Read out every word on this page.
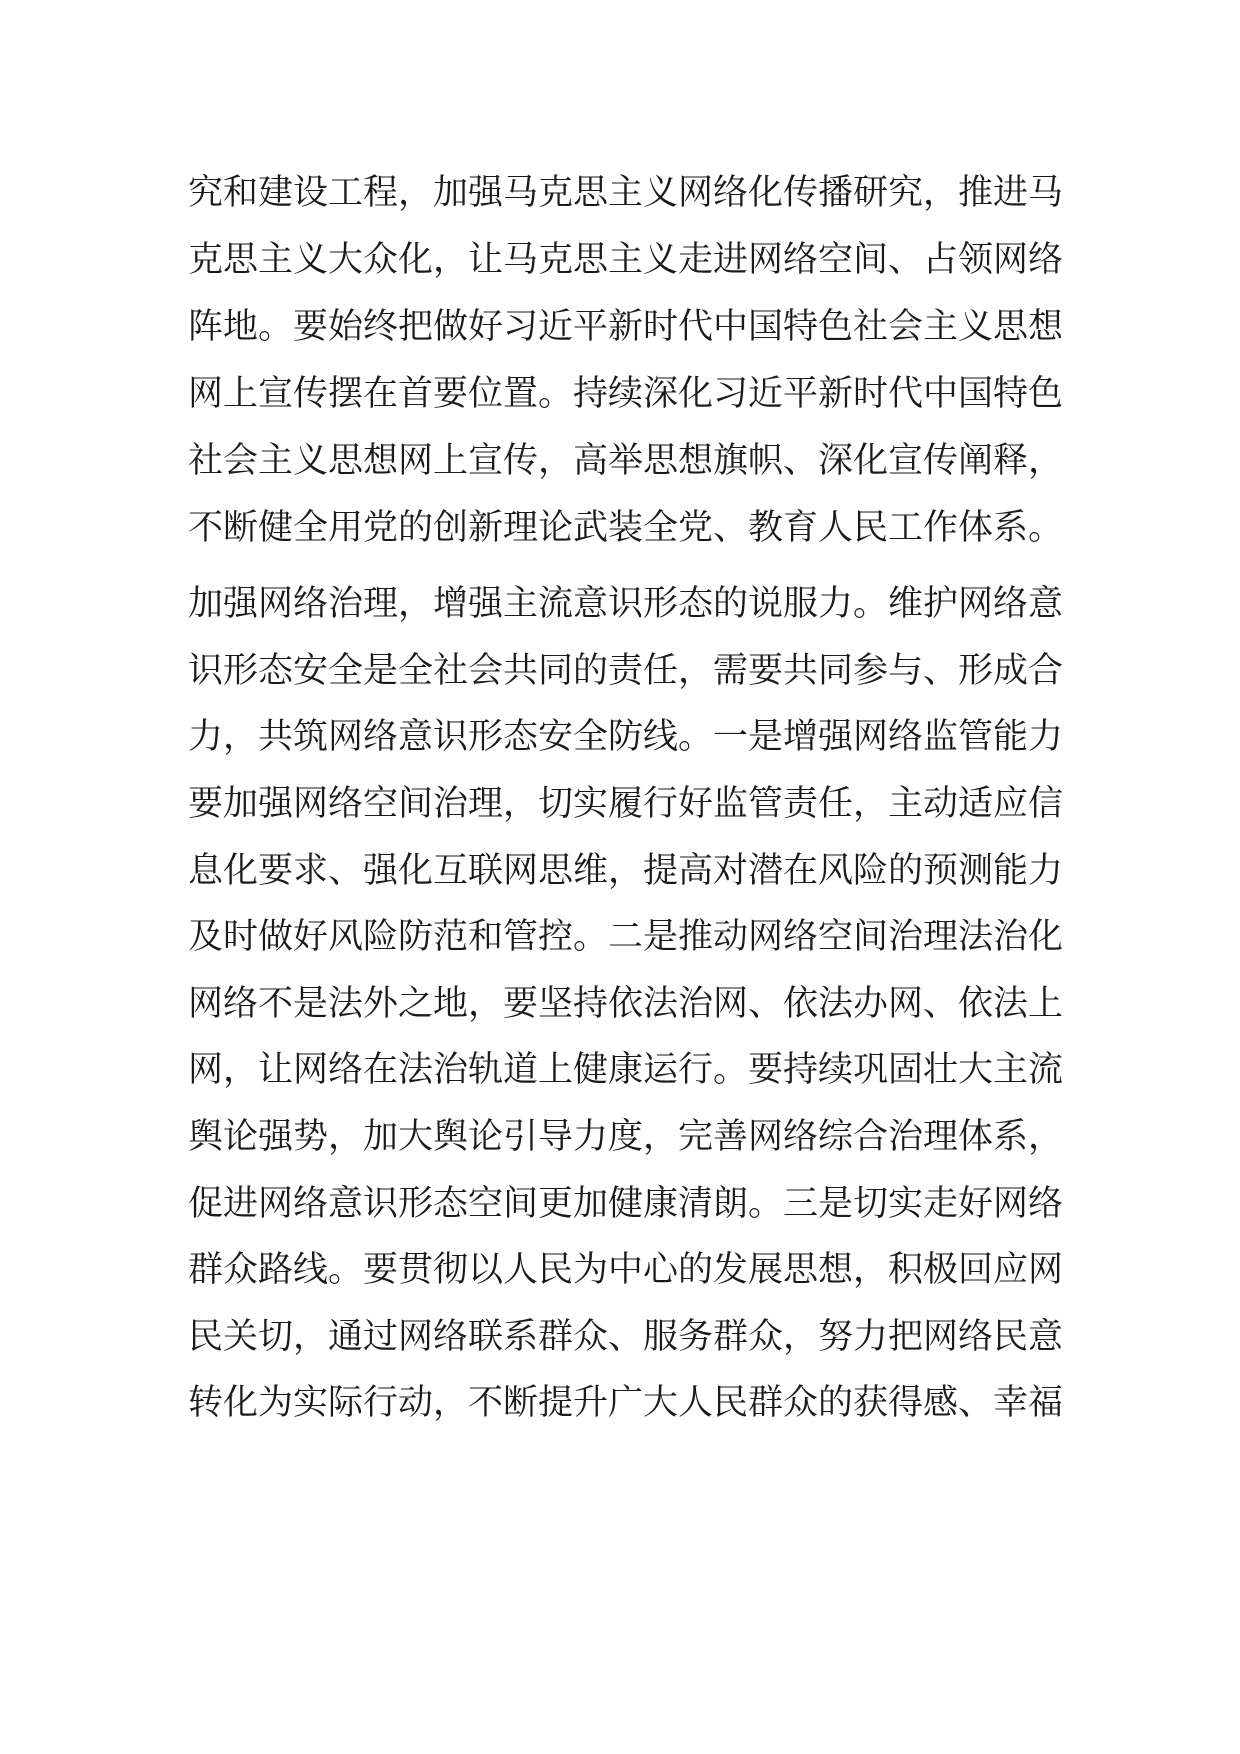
究和建设工程，加强马克思主义网络化传播研究，推进马
克思主义大众化，让马克思主义走进网络空间、占领网络
阵地。要始终把做好习近平新时代中国特色社会主义思想
网上宣传摆在首要位置。持续深化习近平新时代中国特色
社会主义思想网上宣传，高举思想旗帜、深化宣传阐释，
不断健全用党的创新理论武装全党、教育人民工作体系。
加强网络治理，增强主流意识形态的说服力。维护网络意
识形态安全是全社会共同的责任，需要共同参与、形成合
力，共筑网络意识形态安全防线。一是增强网络监管能力
要加强网络空间治理，切实履行好监管责任，主动适应信
息化要求、强化互联网思维，提高对潜在风险的预测能力
及时做好风险防范和管控。二是推动网络空间治理法治化
网络不是法外之地，要坚持依法治网、依法办网、依法上
网，让网络在法治轨道上健康运行。要持续巩固壮大主流
舆论强势，加大舆论引导力度，完善网络综合治理体系，
促进网络意识形态空间更加健康清朗。三是切实走好网络
群众路线。要贯彻以人民为中心的发展思想，积极回应网
民关切，通过网络联系群众、服务群众，努力把网络民意
转化为实际行动，不断提升广大人民群众的获得感、幸福
